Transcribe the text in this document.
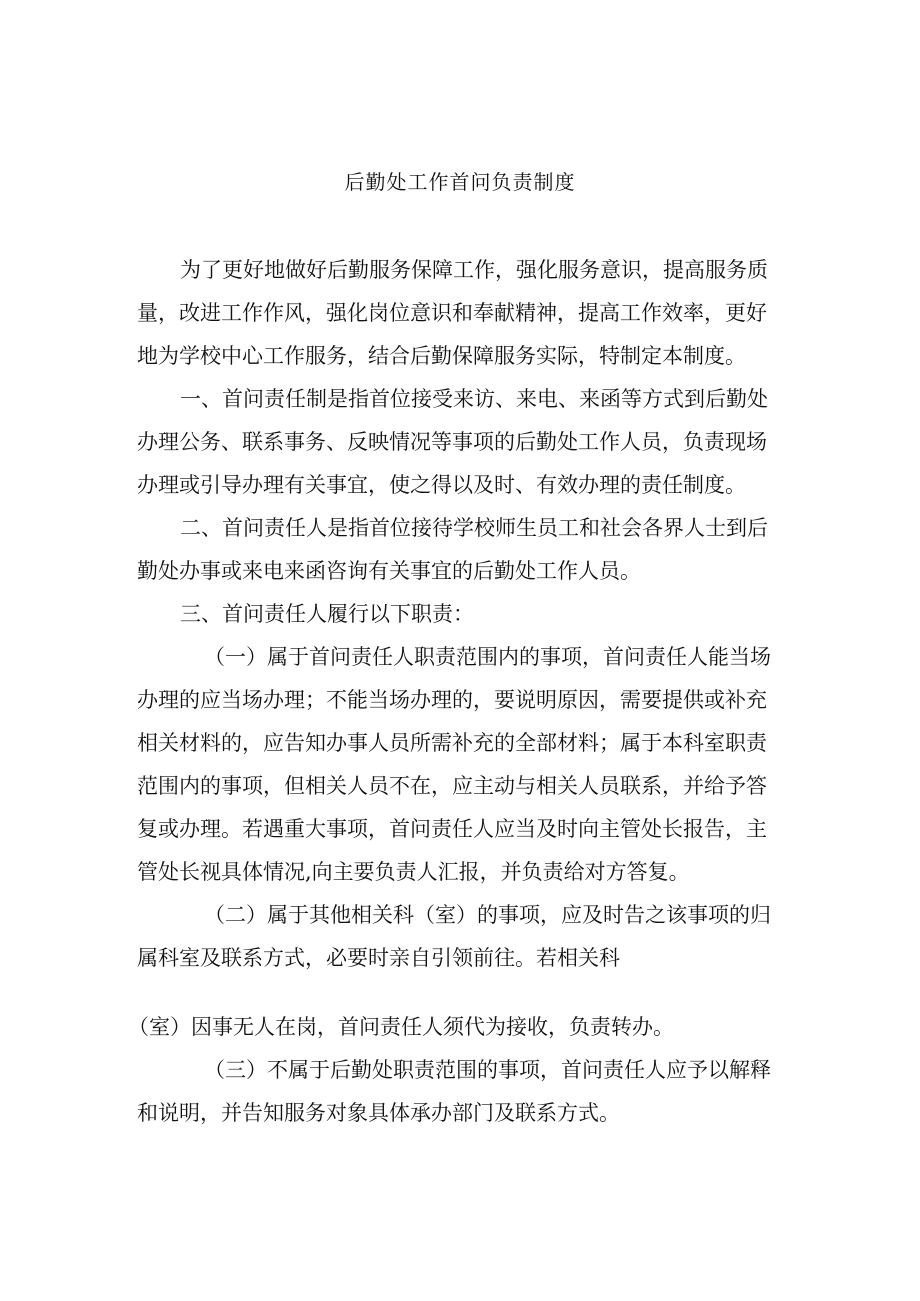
后勤处工作首问负责制度
为了更好地做好后勤服务保障工作，强化服务意识，提高服务质
量，改进工作作风，强化岗位意识和奉献精神，提高工作效率，更好
地为学校中心工作服务，结合后勤保障服务实际，特制定本制度。
一、首问责任制是指首位接受来访、来电、来函等方式到后勤处
办理公务、联系事务、反映情况等事项的后勤处工作人员，负责现场
办理或引导办理有关事宜，使之得以及时、有效办理的责任制度。
二、首问责任人是指首位接待学校师生员工和社会各界人士到后
勤处办事或来电来函咨询有关事宜的后勤处工作人员。
三、首问责任人履行以下职责：
（一）属于首问责任人职责范围内的事项，首问责任人能当场
办理的应当场办理；不能当场办理的，要说明原因，需要提供或补充
相关材料的，应告知办事人员所需补充的全部材料；属于本科室职责
范围内的事项，但相关人员不在，应主动与相关人员联系，并给予答
复或办理。若遇重大事项，首问责任人应当及时向主管处长报告，主
管处长视具体情况,向主要负责人汇报，并负责给对方答复。
（二）属于其他相关科（室）的事项，应及时告之该事项的归
属科室及联系方式，必要时亲自引领前往。若相关科
（室）因事无人在岗，首问责任人须代为接收，负责转办。
（三）不属于后勤处职责范围的事项，首问责任人应予以解释
和说明，并告知服务对象具体承办部门及联系方式。
